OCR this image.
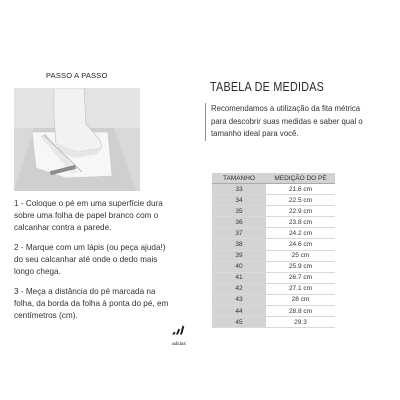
PASSO A PASSO

1 - Coloque o pé em uma superfície dura sobre uma folha de papel branco com o calcanhar contra a parede.

2 - Marque com um lápis (ou peça ajuda!) do seu calcanhar até onde o dedo mais longo chega.

3 - Meça a distância do pé marcada na folha, da borda da folha à ponta do pé, em centímetros (cm).

adidas
TABELA DE MEDIDAS
Recomendamos a utilização da fita métrica para descobrir suas medidas e saber qual o tamanho ideal para você.
TAMANHO	MEDIÇÃO DO PÉ
33	21.6 cm
34	22.5 cm
35	22.9 cm
36	23.8 cm
37	24.2 cm
38	24.6 cm
39	25 cm
40	25.9 cm
41	26.7 cm
42	27.1 cm
43	28 cm
44	28.8 cm
45	29.3
